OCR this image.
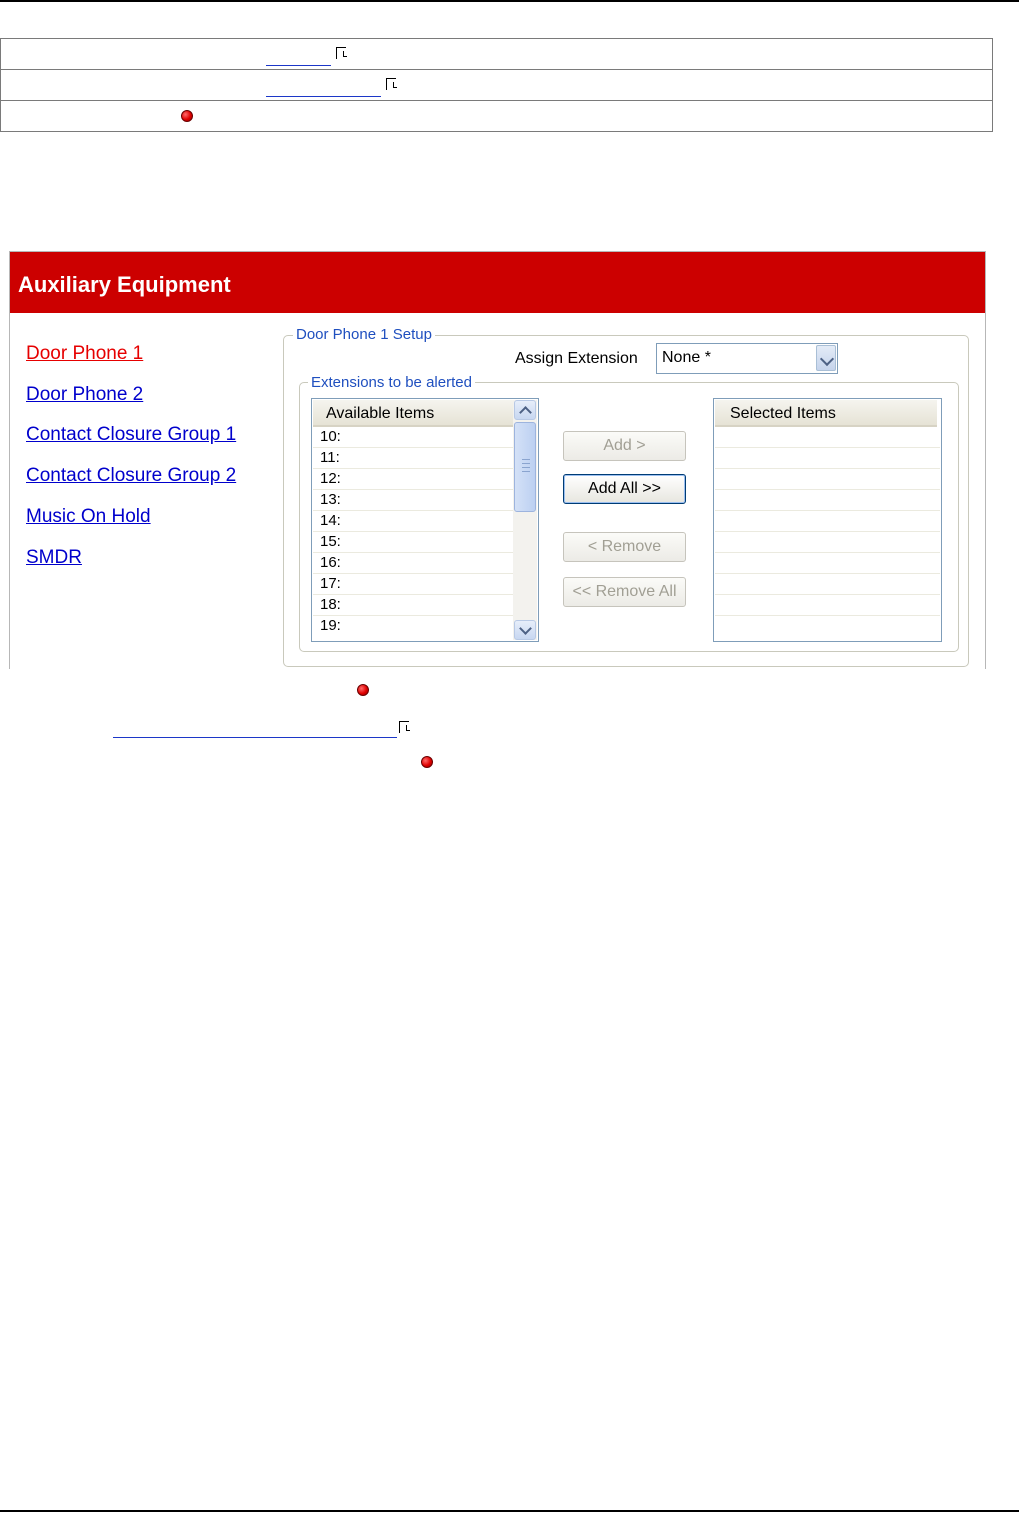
Auxiliary Equipment
Door Phone 1
Door Phone 2
Contact Closure Group 1
Contact Closure Group 2
Music On Hold
SMDR
Door Phone 1 Setup
Assign Extension None *
Extensions to be alerted
Available Items
10:
11:
12:
13:
14:
15:
16:
17:
18:
19:
Add >
Add All >>
< Remove
<< Remove All
Selected Items
